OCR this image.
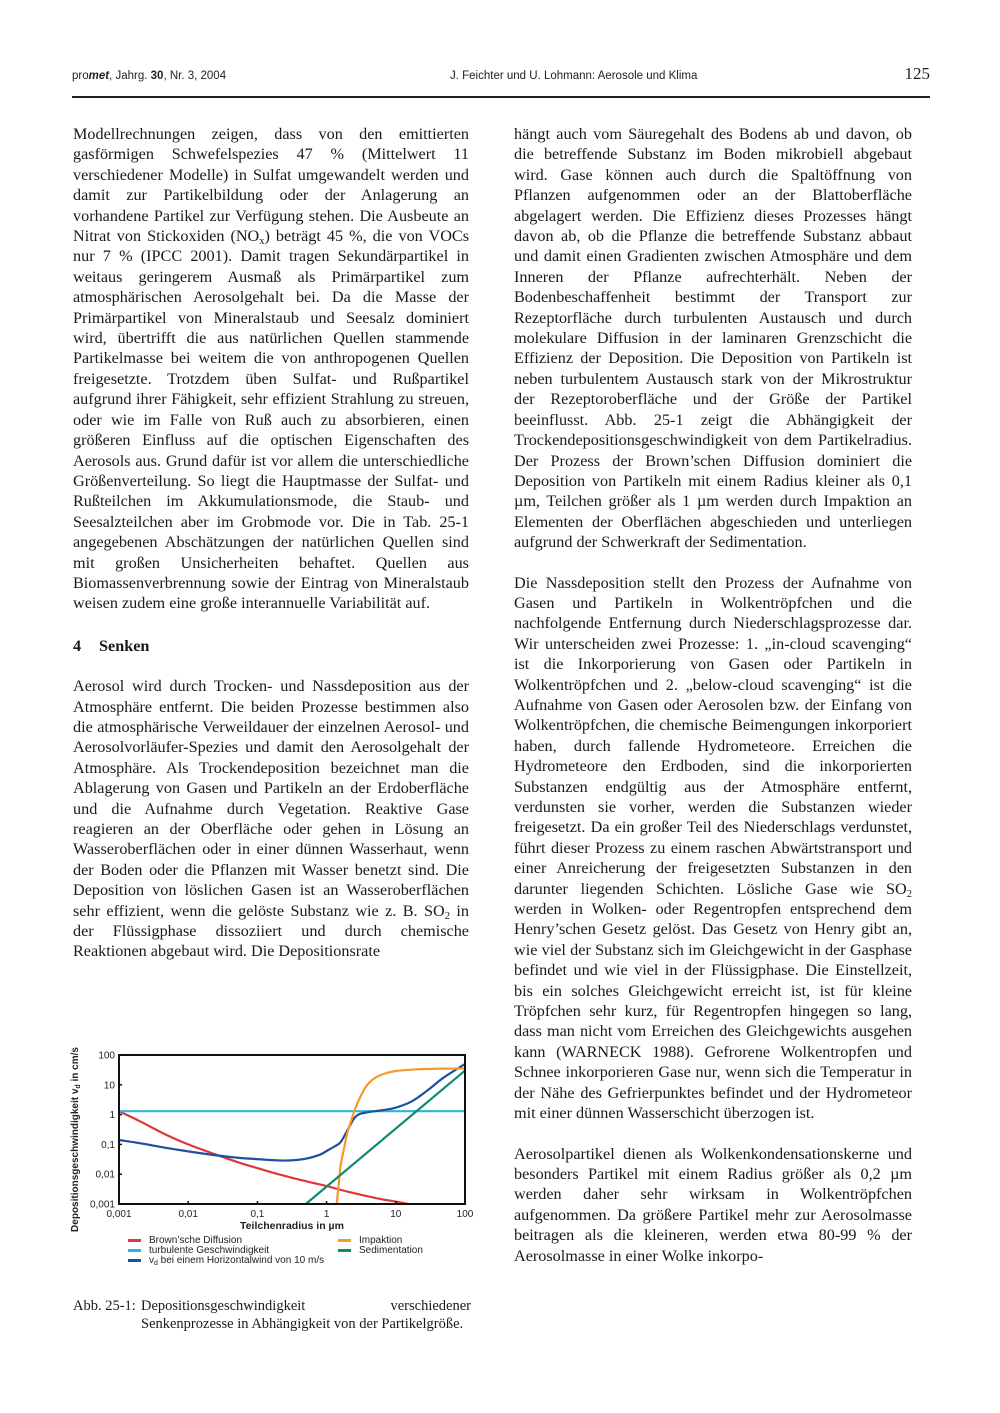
promet, Jahrg. 30, Nr. 3, 2004	J. Feichter und U. Lohmann: Aerosole und Klima	125

Modellrechnungen zeigen, dass von den emittierten gasförmigen Schwefelspezies 47 % (Mittelwert 11 verschiedener Modelle) in Sulfat umgewandelt werden und damit zur Partikelbildung oder der Anlagerung an vorhandene Partikel zur Verfügung stehen. Die Ausbeute an Nitrat von Stickoxiden $(NO_x)$ beträgt 45 %, die von VOCs nur 7 % (IPCC 2001). Damit tragen Sekundärpartikel in weitaus geringerem Ausmaß als Primärpartikel zum atmosphärischen Aerosolgehalt bei. Da die Masse der Primärpartikel von Mineralstaub und Seesalz dominiert wird, übertrifft die aus natürlichen Quellen stammende Partikelmasse bei weitem die von anthropogenen Quellen freigesetzte. Trotzdem üben Sulfat- und Rußpartikel aufgrund ihrer Fähigkeit, sehr effizient Strahlung zu streuen, oder wie im Falle von Ruß auch zu absorbieren, einen größeren Einfluss auf die optischen Eigenschaften des Aerosols aus. Grund dafür ist vor allem die unterschiedliche Größenverteilung. So liegt die Hauptmasse der Sulfat- und Rußteilchen im Akkumulationsmode, die Staub- und Seesalzteilchen aber im Grobmode vor. Die in Tab. 25-1 angegebenen Abschätzungen der natürlichen Quellen sind mit großen Unsicherheiten behaftet. Quellen aus Biomassenverbrennung sowie der Eintrag von Mineralstaub weisen zudem eine große interannuelle Variabilität auf.

4 Senken

Aerosol wird durch Trocken- und Nassdeposition aus der Atmosphäre entfernt. Die beiden Prozesse bestimmen also die atmosphärische Verweildauer der einzelnen Aerosol- und Aerosolvorläufer-Spezies und damit den Aerosolgehalt der Atmosphäre. Als Trockendeposition bezeichnet man die Ablagerung von Gasen und Partikeln an der Erdoberfläche und die Aufnahme durch Vegetation. Reaktive Gase reagieren an der Oberfläche oder gehen in Lösung an Wasseroberflächen oder in einer dünnen Wasserhaut, wenn der Boden oder die Pflanzen mit Wasser benetzt sind. Die Deposition von löslichen Gasen ist an Wasseroberflächen sehr effizient, wenn die gelöste Substanz wie z. B. $SO_2$ in der Flüssigphase dissoziiert und durch chemische Reaktionen abgebaut wird. Die Depositionsrate

0,001	0,01	0,1	1	10	100
0,001
0,01
0,1
1
10
100
Teilchenradius in µm
Depositionsgeschwindigkeit $v_d$ in cm/s
Brown’sche Diffusion
turbulente Geschwindigkeit
$v_d$ bei einem Horizontalwind von 10 m/s
Impaktion
Sedimentation
Abb. 25-1: Depositionsgeschwindigkeit verschiedener Senkenprozesse in Abhängigkeit von der Partikelgröße.

hängt auch vom Säuregehalt des Bodens ab und davon, ob die betreffende Substanz im Boden mikrobiell abgebaut wird. Gase können auch durch die Spaltöffnung von Pflanzen aufgenommen oder an der Blattoberfläche abgelagert werden. Die Effizienz dieses Prozesses hängt davon ab, ob die Pflanze die betreffende Substanz abbaut und damit einen Gradienten zwischen Atmosphäre und dem Inneren der Pflanze aufrechterhält. Neben der Bodenbeschaffenheit bestimmt der Transport zur Rezeptorfläche durch turbulenten Austausch und durch molekulare Diffusion in der laminaren Grenzschicht die Effizienz der Deposition. Die Deposition von Partikeln ist neben turbulentem Austausch stark von der Mikrostruktur der Rezeptoroberfläche und der Größe der Partikel beeinflusst. Abb. 25-1 zeigt die Abhängigkeit der Trockendepositionsgeschwindigkeit von dem Partikelradius. Der Prozess der Brown’schen Diffusion dominiert die Deposition von Partikeln mit einem Radius kleiner als 0,1 µm, Teilchen größer als 1 µm werden durch Impaktion an Elementen der Oberflächen abgeschieden und unterliegen aufgrund der Schwerkraft der Sedimentation.

Die Nassdeposition stellt den Prozess der Aufnahme von Gasen und Partikeln in Wolkentröpfchen und die nachfolgende Entfernung durch Niederschlagsprozesse dar. Wir unterscheiden zwei Prozesse: 1. „in-cloud scavenging“ ist die Inkorporierung von Gasen oder Partikeln in Wolkentröpfchen und 2. „below-cloud scavenging“ ist die Aufnahme von Gasen oder Aerosolen bzw. der Einfang von Wolkentröpfchen, die chemische Beimengungen inkorporiert haben, durch fallende Hydrometeore. Erreichen die Hydrometeore den Erdboden, sind die inkorporierten Substanzen endgültig aus der Atmosphäre entfernt, verdunsten sie vorher, werden die Substanzen wieder freigesetzt. Da ein großer Teil des Niederschlags verdunstet, führt dieser Prozess zu einem raschen Abwärtstransport und einer Anreicherung der freigesetzten Substanzen in den darunter liegenden Schichten. Lösliche Gase wie $SO_2$ werden in Wolken- oder Regentropfen entsprechend dem Henry’schen Gesetz gelöst. Das Gesetz von Henry gibt an, wie viel der Substanz sich im Gleichgewicht in der Gasphase befindet und wie viel in der Flüssigphase. Die Einstellzeit, bis ein solches Gleichgewicht erreicht ist, ist für kleine Tröpfchen sehr kurz, für Regentropfen hingegen so lang, dass man nicht vom Erreichen des Gleichgewichts ausgehen kann (WARNECK 1988). Gefrorene Wolkentropfen und Schnee inkorporieren Gase nur, wenn sich die Temperatur in der Nähe des Gefrierpunktes befindet und der Hydrometeor mit einer dünnen Wasserschicht überzogen ist.

Aerosolpartikel dienen als Wolkenkondensationskerne und besonders Partikel mit einem Radius größer als 0,2 µm werden daher sehr wirksam in Wolkentröpfchen aufgenommen. Da größere Partikel mehr zur Aerosolmasse beitragen als die kleineren, werden etwa 80-99 % der Aerosolmasse in einer Wolke inkorpo-
